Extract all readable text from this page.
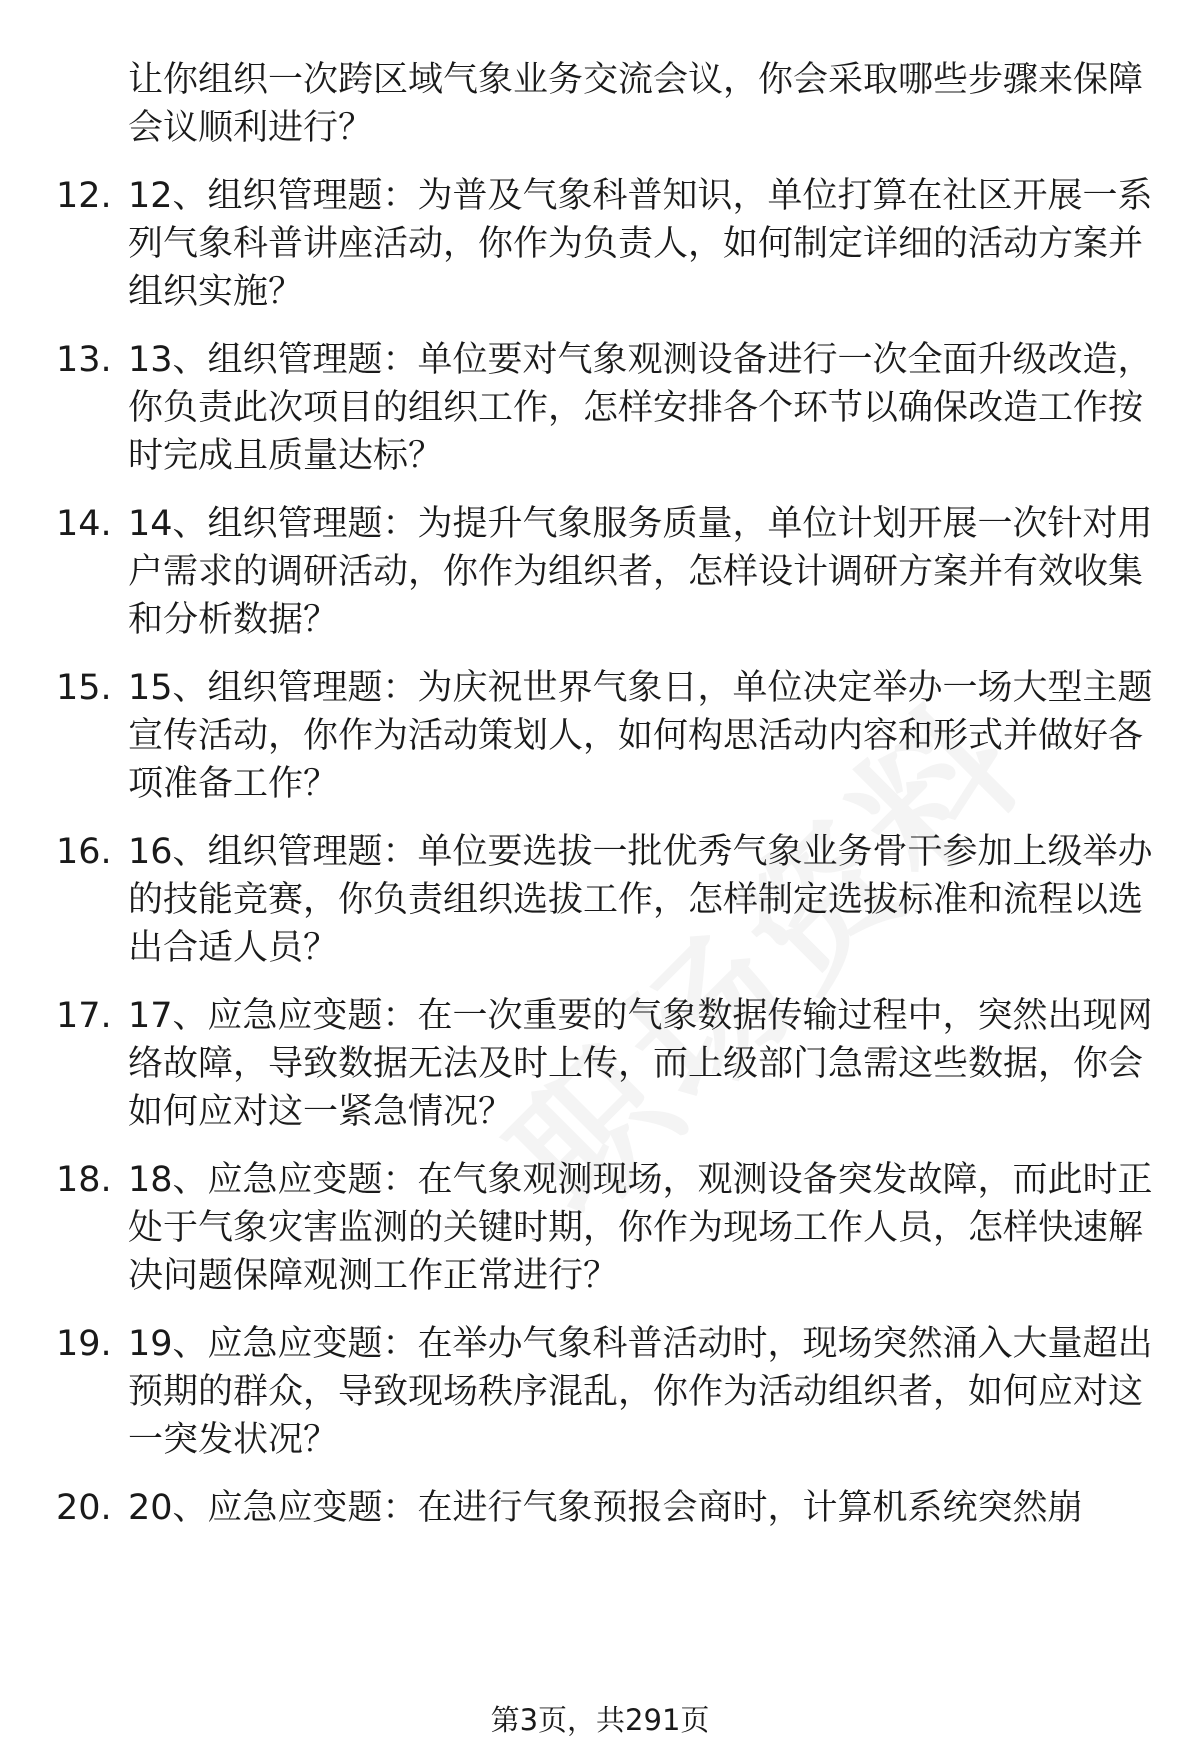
让你组织一次跨区域气象业务交流会议，你会采取哪些步骤来保障会议顺利进行？
12. 12、组织管理题：为普及气象科普知识，单位打算在社区开展一系列气象科普讲座活动，你作为负责人，如何制定详细的活动方案并组织实施？
13. 13、组织管理题：单位要对气象观测设备进行一次全面升级改造，你负责此次项目的组织工作，怎样安排各个环节以确保改造工作按时完成且质量达标？
14. 14、组织管理题：为提升气象服务质量，单位计划开展一次针对用户需求的调研活动，你作为组织者，怎样设计调研方案并有效收集和分析数据？
15. 15、组织管理题：为庆祝世界气象日，单位决定举办一场大型主题宣传活动，你作为活动策划人，如何构思活动内容和形式并做好各项准备工作？
16. 16、组织管理题：单位要选拔一批优秀气象业务骨干参加上级举办的技能竞赛，你负责组织选拔工作，怎样制定选拔标准和流程以选出合适人员？
17. 17、应急应变题：在一次重要的气象数据传输过程中，突然出现网络故障，导致数据无法及时上传，而上级部门急需这些数据，你会如何应对这一紧急情况？
18. 18、应急应变题：在气象观测现场，观测设备突发故障，而此时正处于气象灾害监测的关键时期，你作为现场工作人员，怎样快速解决问题保障观测工作正常进行？
19. 19、应急应变题：在举办气象科普活动时，现场突然涌入大量超出预期的群众，导致现场秩序混乱，你作为活动组织者，如何应对这一突发状况？
20. 20、应急应变题：在进行气象预报会商时，计算机系统突然崩
第3页，共291页
